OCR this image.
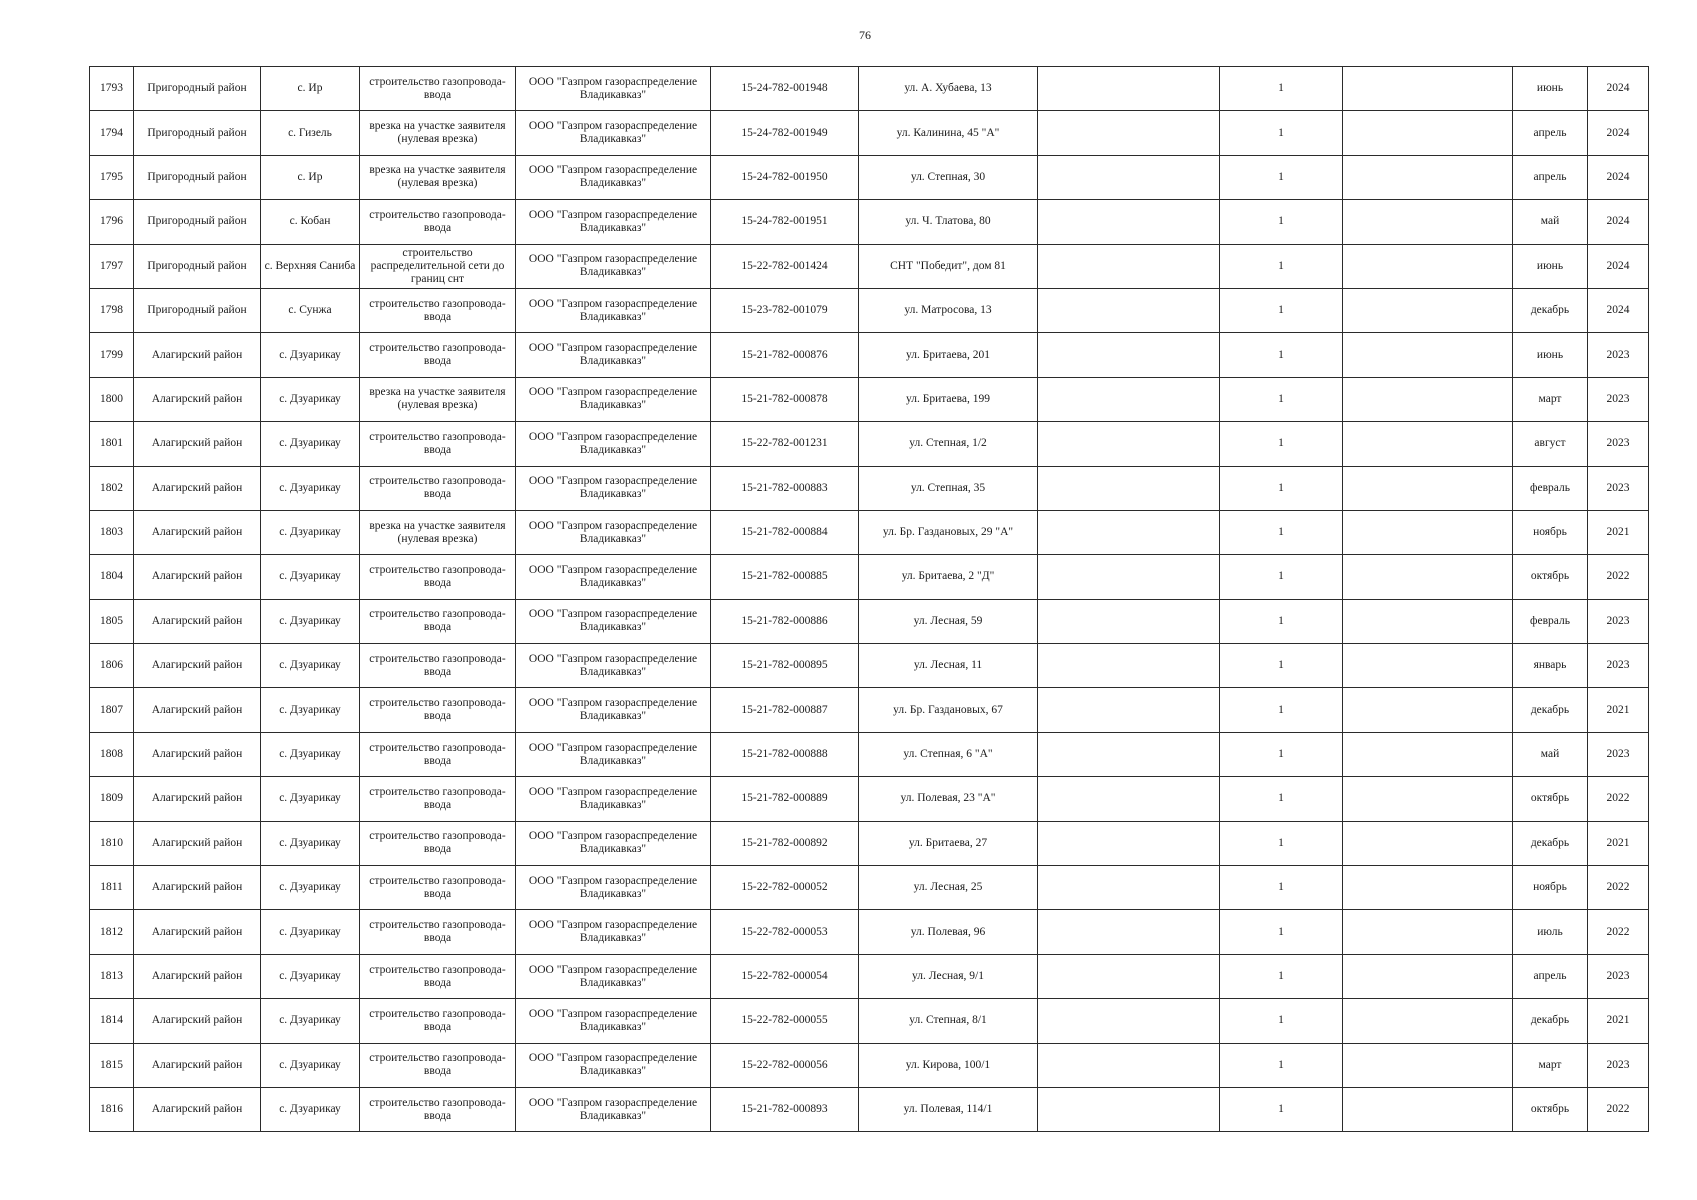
76
1793	Пригородный район	с. Ир	строительство газопровода-ввода	ООО "Газпром газораспределение Владикавказ"	15-24-782-001948	ул. А. Хубаева, 13		1		июнь	2024
1794	Пригородный район	с. Гизель	врезка на участке заявителя (нулевая врезка)	ООО "Газпром газораспределение Владикавказ"	15-24-782-001949	ул. Калинина, 45 "А"		1		апрель	2024
1795	Пригородный район	с. Ир	врезка на участке заявителя (нулевая врезка)	ООО "Газпром газораспределение Владикавказ"	15-24-782-001950	ул. Степная, 30		1		апрель	2024
1796	Пригородный район	с. Кобан	строительство газопровода-ввода	ООО "Газпром газораспределение Владикавказ"	15-24-782-001951	ул. Ч. Тлатова, 80		1		май	2024
1797	Пригородный район	с. Верхняя Саниба	строительство распределительной сети до границ снт	ООО "Газпром газораспределение Владикавказ"	15-22-782-001424	СНТ "Победит", дом 81		1		июнь	2024
1798	Пригородный район	с. Сунжа	строительство газопровода-ввода	ООО "Газпром газораспределение Владикавказ"	15-23-782-001079	ул. Матросова, 13		1		декабрь	2024
1799	Алагирский район	с. Дзуарикау	строительство газопровода-ввода	ООО "Газпром газораспределение Владикавказ"	15-21-782-000876	ул. Бритаева, 201		1		июнь	2023
1800	Алагирский район	с. Дзуарикау	врезка на участке заявителя (нулевая врезка)	ООО "Газпром газораспределение Владикавказ"	15-21-782-000878	ул. Бритаева, 199		1		март	2023
1801	Алагирский район	с. Дзуарикау	строительство газопровода-ввода	ООО "Газпром газораспределение Владикавказ"	15-22-782-001231	ул. Степная, 1/2		1		август	2023
1802	Алагирский район	с. Дзуарикау	строительство газопровода-ввода	ООО "Газпром газораспределение Владикавказ"	15-21-782-000883	ул. Степная, 35		1		февраль	2023
1803	Алагирский район	с. Дзуарикау	врезка на участке заявителя (нулевая врезка)	ООО "Газпром газораспределение Владикавказ"	15-21-782-000884	ул. Бр. Газдановых, 29 "А"		1		ноябрь	2021
1804	Алагирский район	с. Дзуарикау	строительство газопровода-ввода	ООО "Газпром газораспределение Владикавказ"	15-21-782-000885	ул. Бритаева, 2 "Д"		1		октябрь	2022
1805	Алагирский район	с. Дзуарикау	строительство газопровода-ввода	ООО "Газпром газораспределение Владикавказ"	15-21-782-000886	ул. Лесная, 59		1		февраль	2023
1806	Алагирский район	с. Дзуарикау	строительство газопровода-ввода	ООО "Газпром газораспределение Владикавказ"	15-21-782-000895	ул. Лесная, 11		1		январь	2023
1807	Алагирский район	с. Дзуарикау	строительство газопровода-ввода	ООО "Газпром газораспределение Владикавказ"	15-21-782-000887	ул. Бр. Газдановых, 67		1		декабрь	2021
1808	Алагирский район	с. Дзуарикау	строительство газопровода-ввода	ООО "Газпром газораспределение Владикавказ"	15-21-782-000888	ул. Степная, 6 "А"		1		май	2023
1809	Алагирский район	с. Дзуарикау	строительство газопровода-ввода	ООО "Газпром газораспределение Владикавказ"	15-21-782-000889	ул. Полевая, 23 "А"		1		октябрь	2022
1810	Алагирский район	с. Дзуарикау	строительство газопровода-ввода	ООО "Газпром газораспределение Владикавказ"	15-21-782-000892	ул. Бритаева, 27		1		декабрь	2021
1811	Алагирский район	с. Дзуарикау	строительство газопровода-ввода	ООО "Газпром газораспределение Владикавказ"	15-22-782-000052	ул. Лесная, 25		1		ноябрь	2022
1812	Алагирский район	с. Дзуарикау	строительство газопровода-ввода	ООО "Газпром газораспределение Владикавказ"	15-22-782-000053	ул. Полевая, 96		1		июль	2022
1813	Алагирский район	с. Дзуарикау	строительство газопровода-ввода	ООО "Газпром газораспределение Владикавказ"	15-22-782-000054	ул. Лесная, 9/1		1		апрель	2023
1814	Алагирский район	с. Дзуарикау	строительство газопровода-ввода	ООО "Газпром газораспределение Владикавказ"	15-22-782-000055	ул. Степная, 8/1		1		декабрь	2021
1815	Алагирский район	с. Дзуарикау	строительство газопровода-ввода	ООО "Газпром газораспределение Владикавказ"	15-22-782-000056	ул. Кирова, 100/1		1		март	2023
1816	Алагирский район	с. Дзуарикау	строительство газопровода-ввода	ООО "Газпром газораспределение Владикавказ"	15-21-782-000893	ул. Полевая, 114/1		1		октябрь	2022
